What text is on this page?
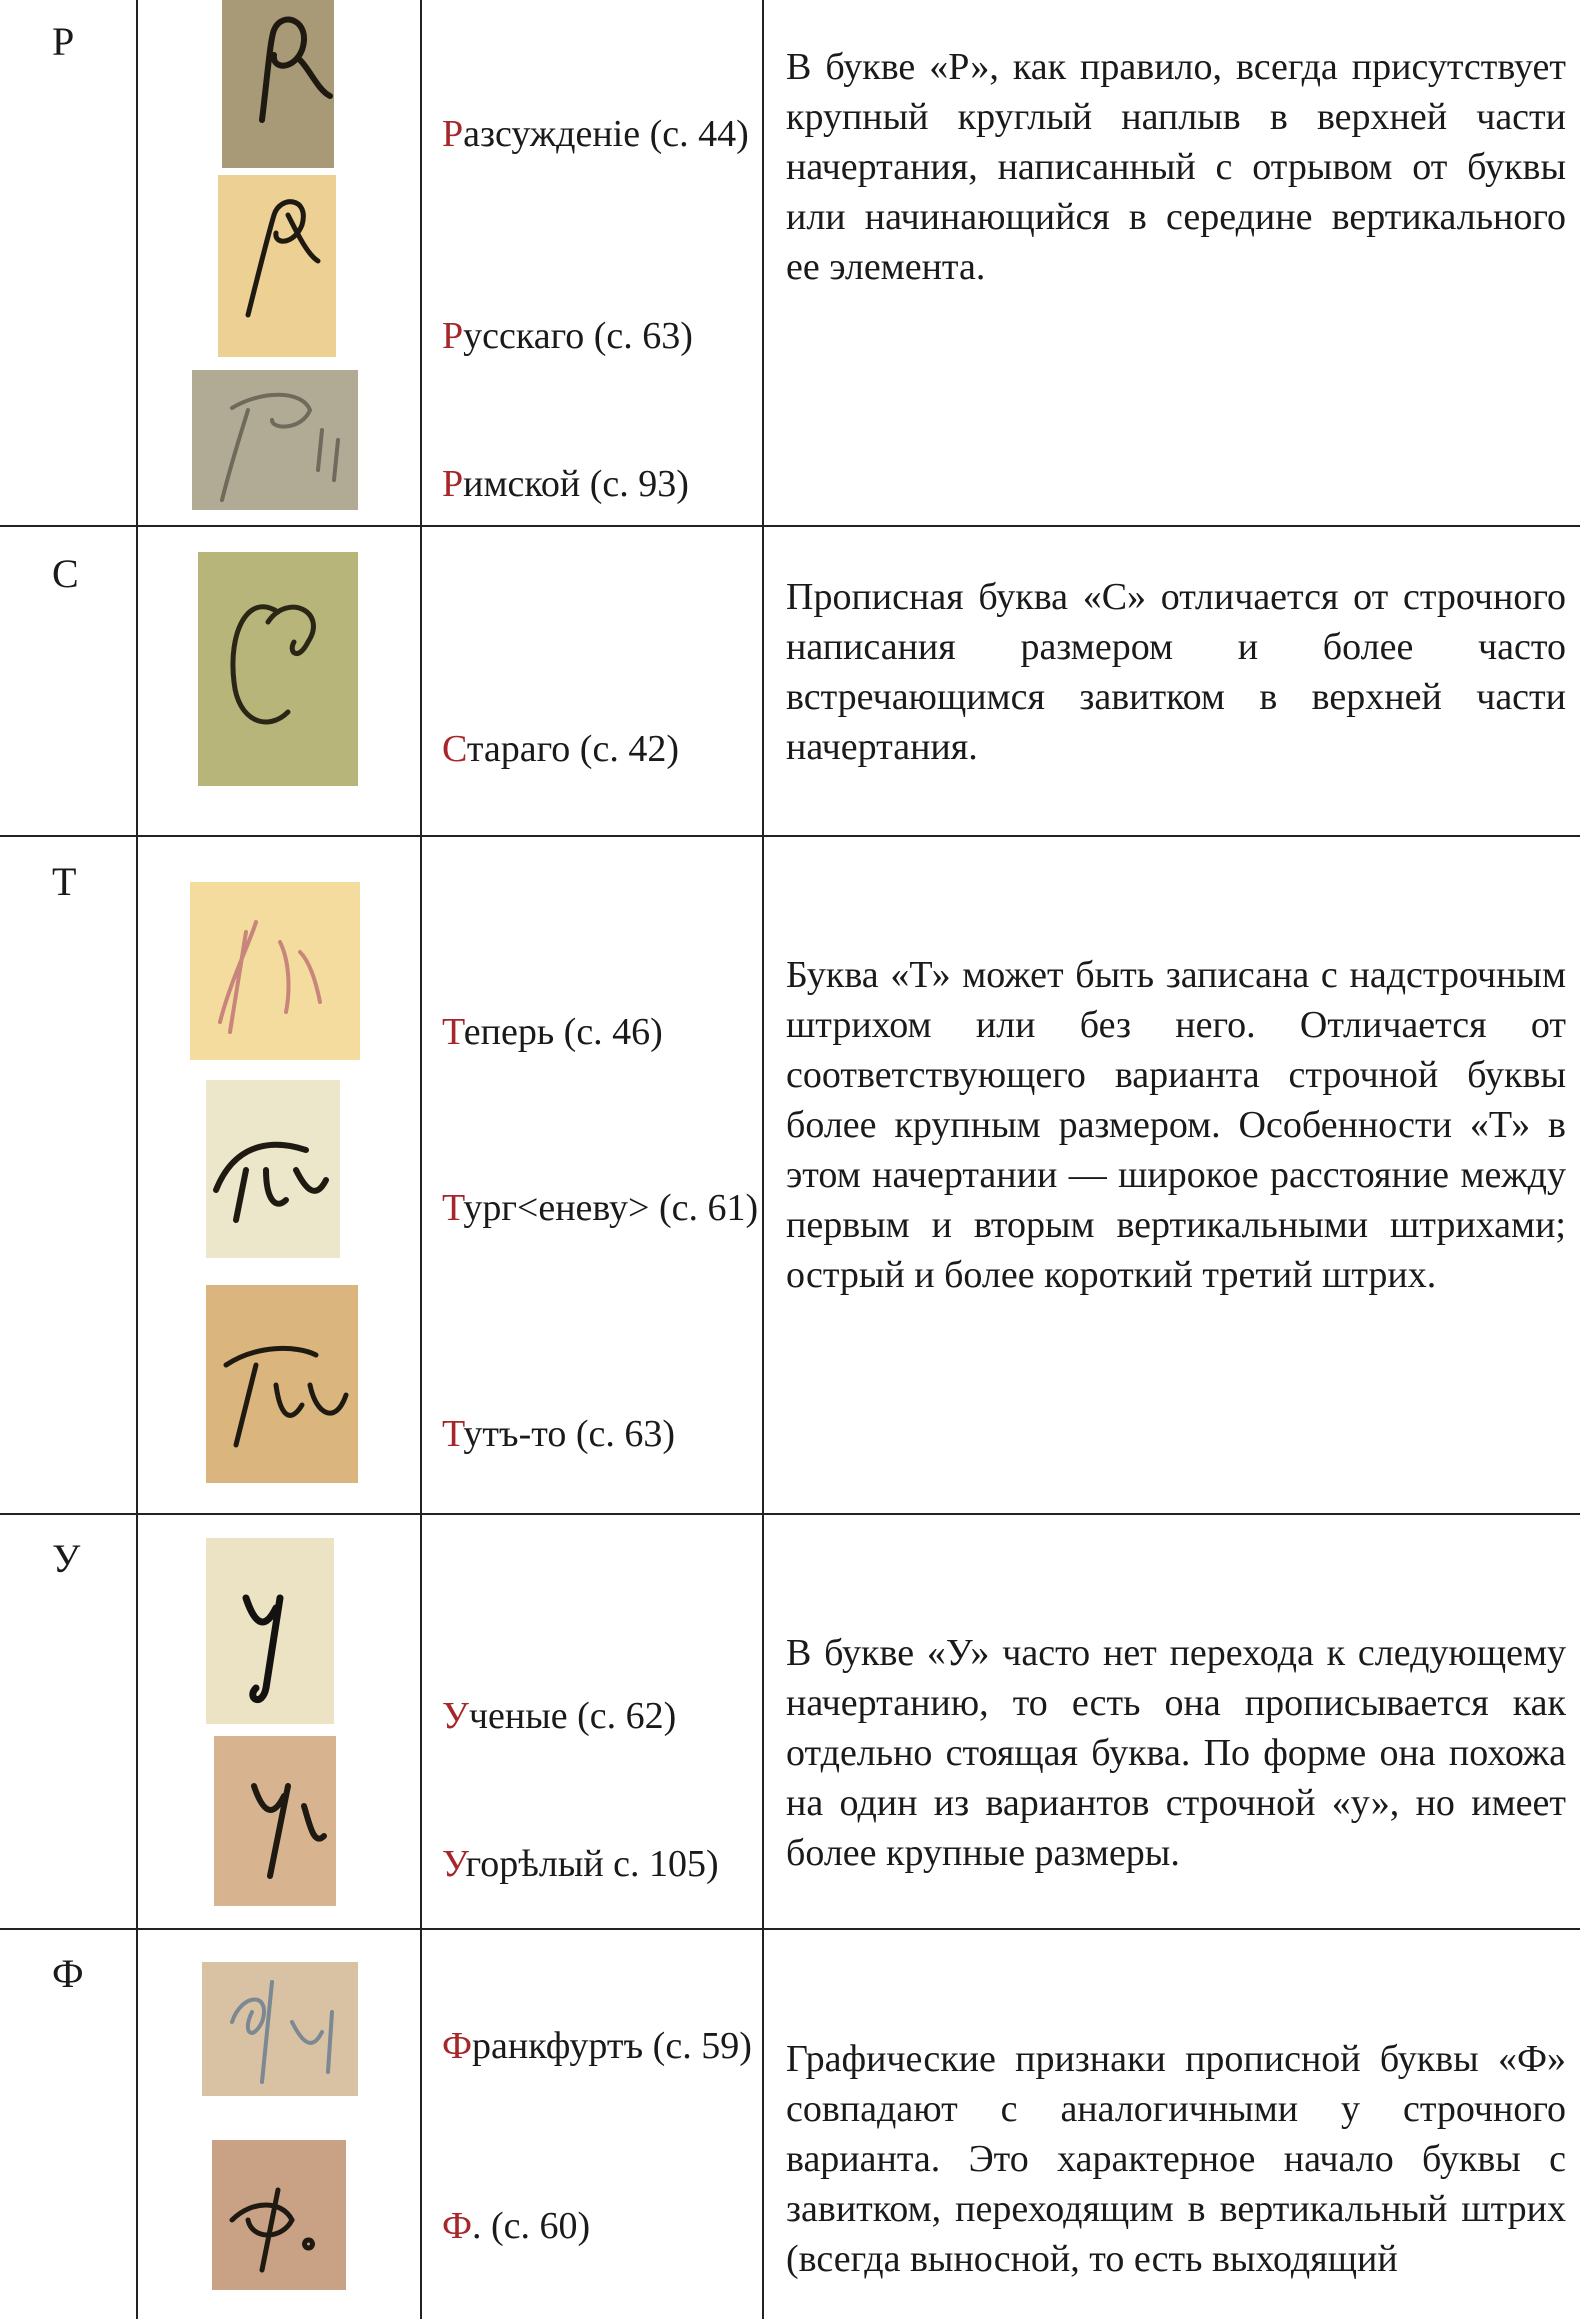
Р
Разсужденіе (с. 44)
Русскаго (с. 63)
Римской (с. 93)
В букве «Р», как правило, всегда присутствует крупный круглый наплыв в верхней части начертания, написанный с отрывом от буквы или начинающийся в середине вертикального ее элемента.
С
Стараго (с. 42)
Прописная буква «С» отличается от строчного написания размером и более часто встречающимся завитком в верхней части начертания.
Т
Теперь (с. 46)
Тург<еневу> (с. 61)
Тутъ-то (с. 63)
Буква «Т» может быть записана с надстрочным штрихом или без него. Отличается от соответствующего варианта строчной буквы более крупным размером. Особенности «Т» в этом начертании — широкое расстояние между первым и вторым вертикальными штрихами; острый и более короткий третий штрих.
У
Ученые (с. 62)
Угорѣлый с. 105)
В букве «У» часто нет перехода к следующему начертанию, то есть она прописывается как отдельно стоящая буква. По форме она похожа на один из вариантов строчной «у», но имеет более крупные размеры.
Ф
Франкфуртъ (с. 59)
Ф. (с. 60)
Графические признаки прописной буквы «Ф» совпадают с аналогичными у строчного варианта. Это характерное начало буквы с завитком, переходящим в вертикальный штрих (всегда выносной, то есть выходящий
